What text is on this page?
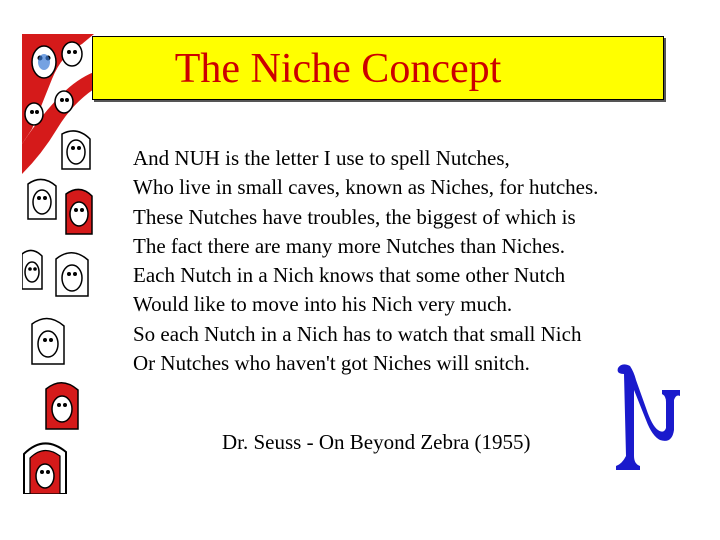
The Niche Concept
And NUH is the letter I use to spell Nutches,
Who live in small caves, known as Niches, for hutches.
These Nutches have troubles, the biggest of which is
The fact there are many more Nutches than Niches.
Each Nutch in a Nich knows that some other Nutch
Would like to move into his Nich very much.
So each Nutch in a Nich has to watch that small Nich
Or Nutches who haven't got Niches will snitch.
Dr. Seuss - On Beyond Zebra (1955)
